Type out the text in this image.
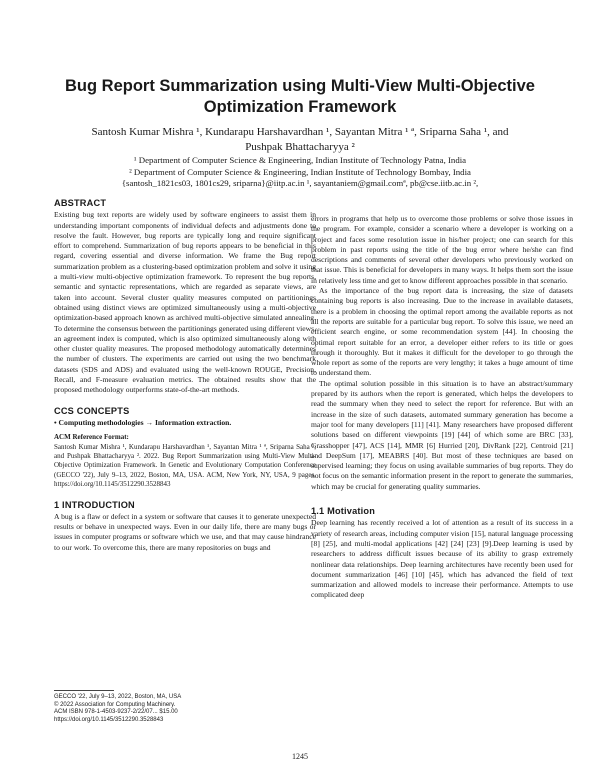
Bug Report Summarization using Multi-View Multi-Objective Optimization Framework
Santosh Kumar Mishra ¹, Kundarapu Harshavardhan ¹, Sayantan Mitra ¹ ª, Sriparna Saha ¹, and
Pushpak Bhattacharyya ²
¹ Department of Computer Science & Engineering, Indian Institute of Technology Patna, India
² Department of Computer Science & Engineering, Indian Institute of Technology Bombay, India
{santosh_1821cs03, 1801cs29, sriparna}@iitp.ac.in ¹, sayantaniem@gmail.comª, pb@cse.iitb.ac.in ²,
ABSTRACT

Existing bug text reports are widely used by software engineers to assist them in understanding important components of individual defects and adjustments done to resolve the fault. However, bug reports are typically long and require significant effort to comprehend. Summarization of bug reports appears to be beneficial in this regard, covering essential and diverse information. We frame the Bug report summarization problem as a clustering-based optimization problem and solve it using a multi-view multi-objective optimization framework. To represent the bug reports, semantic and syntactic representations, which are regarded as separate views, are taken into account. Several cluster quality measures computed on partitionings obtained using distinct views are optimized simultaneously using a multi-objective optimization-based approach known as archived multi-objective simulated annealing. To determine the consensus between the partitionings generated using different views, an agreement index is computed, which is also optimized simultaneously along with other cluster quality measures. The proposed methodology automatically determines the number of clusters. The experiments are carried out using the two benchmark datasets (SDS and ADS) and evaluated using the well-known ROUGE, Precision, Recall, and F-measure evaluation metrics. The obtained results show that the proposed methodology outperforms state-of-the-art methods.

CCS CONCEPTS

• Computing methodologies → Information extraction.

ACM Reference Format:

Santosh Kumar Mishra ¹, Kundarapu Harshavardhan ¹, Sayantan Mitra ¹ ª, Sriparna Saha ¹, and Pushpak Bhattacharyya ². 2022. Bug Report Summarization using Multi-View Multi-Objective Optimization Framework. In Genetic and Evolutionary Computation Conference (GECCO '22), July 9–13, 2022, Boston, MA, USA. ACM, New York, NY, USA, 9 pages. https://doi.org/10.1145/3512290.3528843

1 INTRODUCTION

A bug is a flaw or defect in a system or software that causes it to generate unexpected results or behave in unexpected ways. Even in our daily life, there are many bugs or issues in computer programs or software which we use, and that may cause hindrance to our work. To overcome this, there are many repositories on bugs and

GECCO '22, July 9–13, 2022, Boston, MA, USA
© 2022 Association for Computing Machinery.
ACM ISBN 978-1-4503-9237-2/22/07... $15.00
https://doi.org/10.1145/3512290.3528843

errors in programs that help us to overcome those problems or solve those issues in the program. For example, consider a scenario where a developer is working on a project and faces some resolution issue in his/her project; one can search for this problem in past reports using the title of the bug error where he/she can find descriptions and comments of several other developers who previously worked on that issue. This is beneficial for developers in many ways. It helps them sort the issue in relatively less time and get to know different approaches possible in that scenario.

As the importance of the bug report data is increasing, the size of datasets containing bug reports is also increasing. Due to the increase in available datasets, there is a problem in choosing the optimal report among the available reports as not all the reports are suitable for a particular bug report. To solve this issue, we need an efficient search engine, or some recommendation system [44]. In choosing the optimal report suitable for an error, a developer either refers to its title or goes through it thoroughly. But it makes it difficult for the developer to go through the whole report as some of the reports are very lengthy; it takes a huge amount of time to understand them.

The optimal solution possible in this situation is to have an abstract/summary prepared by its authors when the report is generated, which helps the developers to read the summary when they need to select the report for reference. But with an increase in the size of such datasets, automated summary generation has become a major tool for many developers [11] [41]. Many researchers have proposed different solutions based on different viewpoints [19] [44] of which some are BRC [33], Grasshopper [47], ACS [14], MMR [6] Hurried [20], DivRank [22], Centroid [21] and DeepSum [17], MEABRS [40]. But most of these techniques are based on supervised learning; they focus on using available summaries of bug reports. They do not focus on the semantic information present in the report to generate the summaries, which may be crucial for generating quality summaries.

1.1 Motivation

Deep learning has recently received a lot of attention as a result of its success in a variety of research areas, including computer vision [15], natural language processing [8] [25], and multi-modal applications [42] [24] [23] [9].Deep learning is used by researchers to address difficult issues because of its ability to grasp extremely nonlinear data relationships. Deep learning architectures have recently been used for document summarization [46] [10] [45], which has advanced the field of text summarization and allowed models to increase their performance. Attempts to use complicated deep

1245
